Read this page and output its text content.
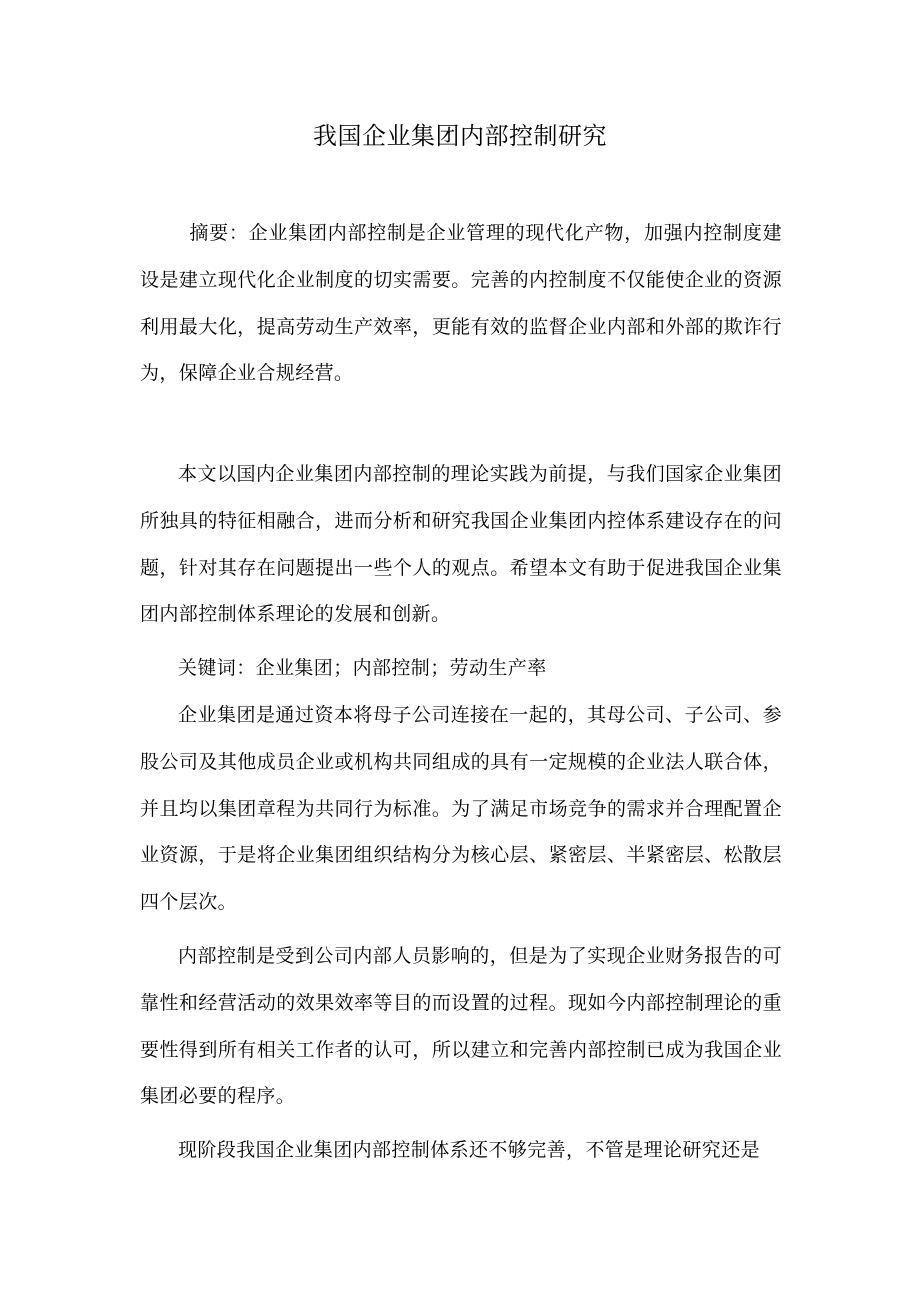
我国企业集团内部控制研究

摘要：企业集团内部控制是企业管理的现代化产物，加强内控制度建设是建立现代化企业制度的切实需要。完善的内控制度不仅能使企业的资源利用最大化，提高劳动生产效率，更能有效的监督企业内部和外部的欺诈行为，保障企业合规经营。

本文以国内企业集团内部控制的理论实践为前提，与我们国家企业集团所独具的特征相融合，进而分析和研究我国企业集团内控体系建设存在的问题，针对其存在问题提出一些个人的观点。希望本文有助于促进我国企业集团内部控制体系理论的发展和创新。

关键词：企业集团；内部控制；劳动生产率

企业集团是通过资本将母子公司连接在一起的，其母公司、子公司、参股公司及其他成员企业或机构共同组成的具有一定规模的企业法人联合体，并且均以集团章程为共同行为标准。为了满足市场竞争的需求并合理配置企业资源，于是将企业集团组织结构分为核心层、紧密层、半紧密层、松散层四个层次。

内部控制是受到公司内部人员影响的，但是为了实现企业财务报告的可靠性和经营活动的效果效率等目的而设置的过程。现如今内部控制理论的重要性得到所有相关工作者的认可，所以建立和完善内部控制已成为我国企业集团必要的程序。

现阶段我国企业集团内部控制体系还不够完善，不管是理论研究还是
